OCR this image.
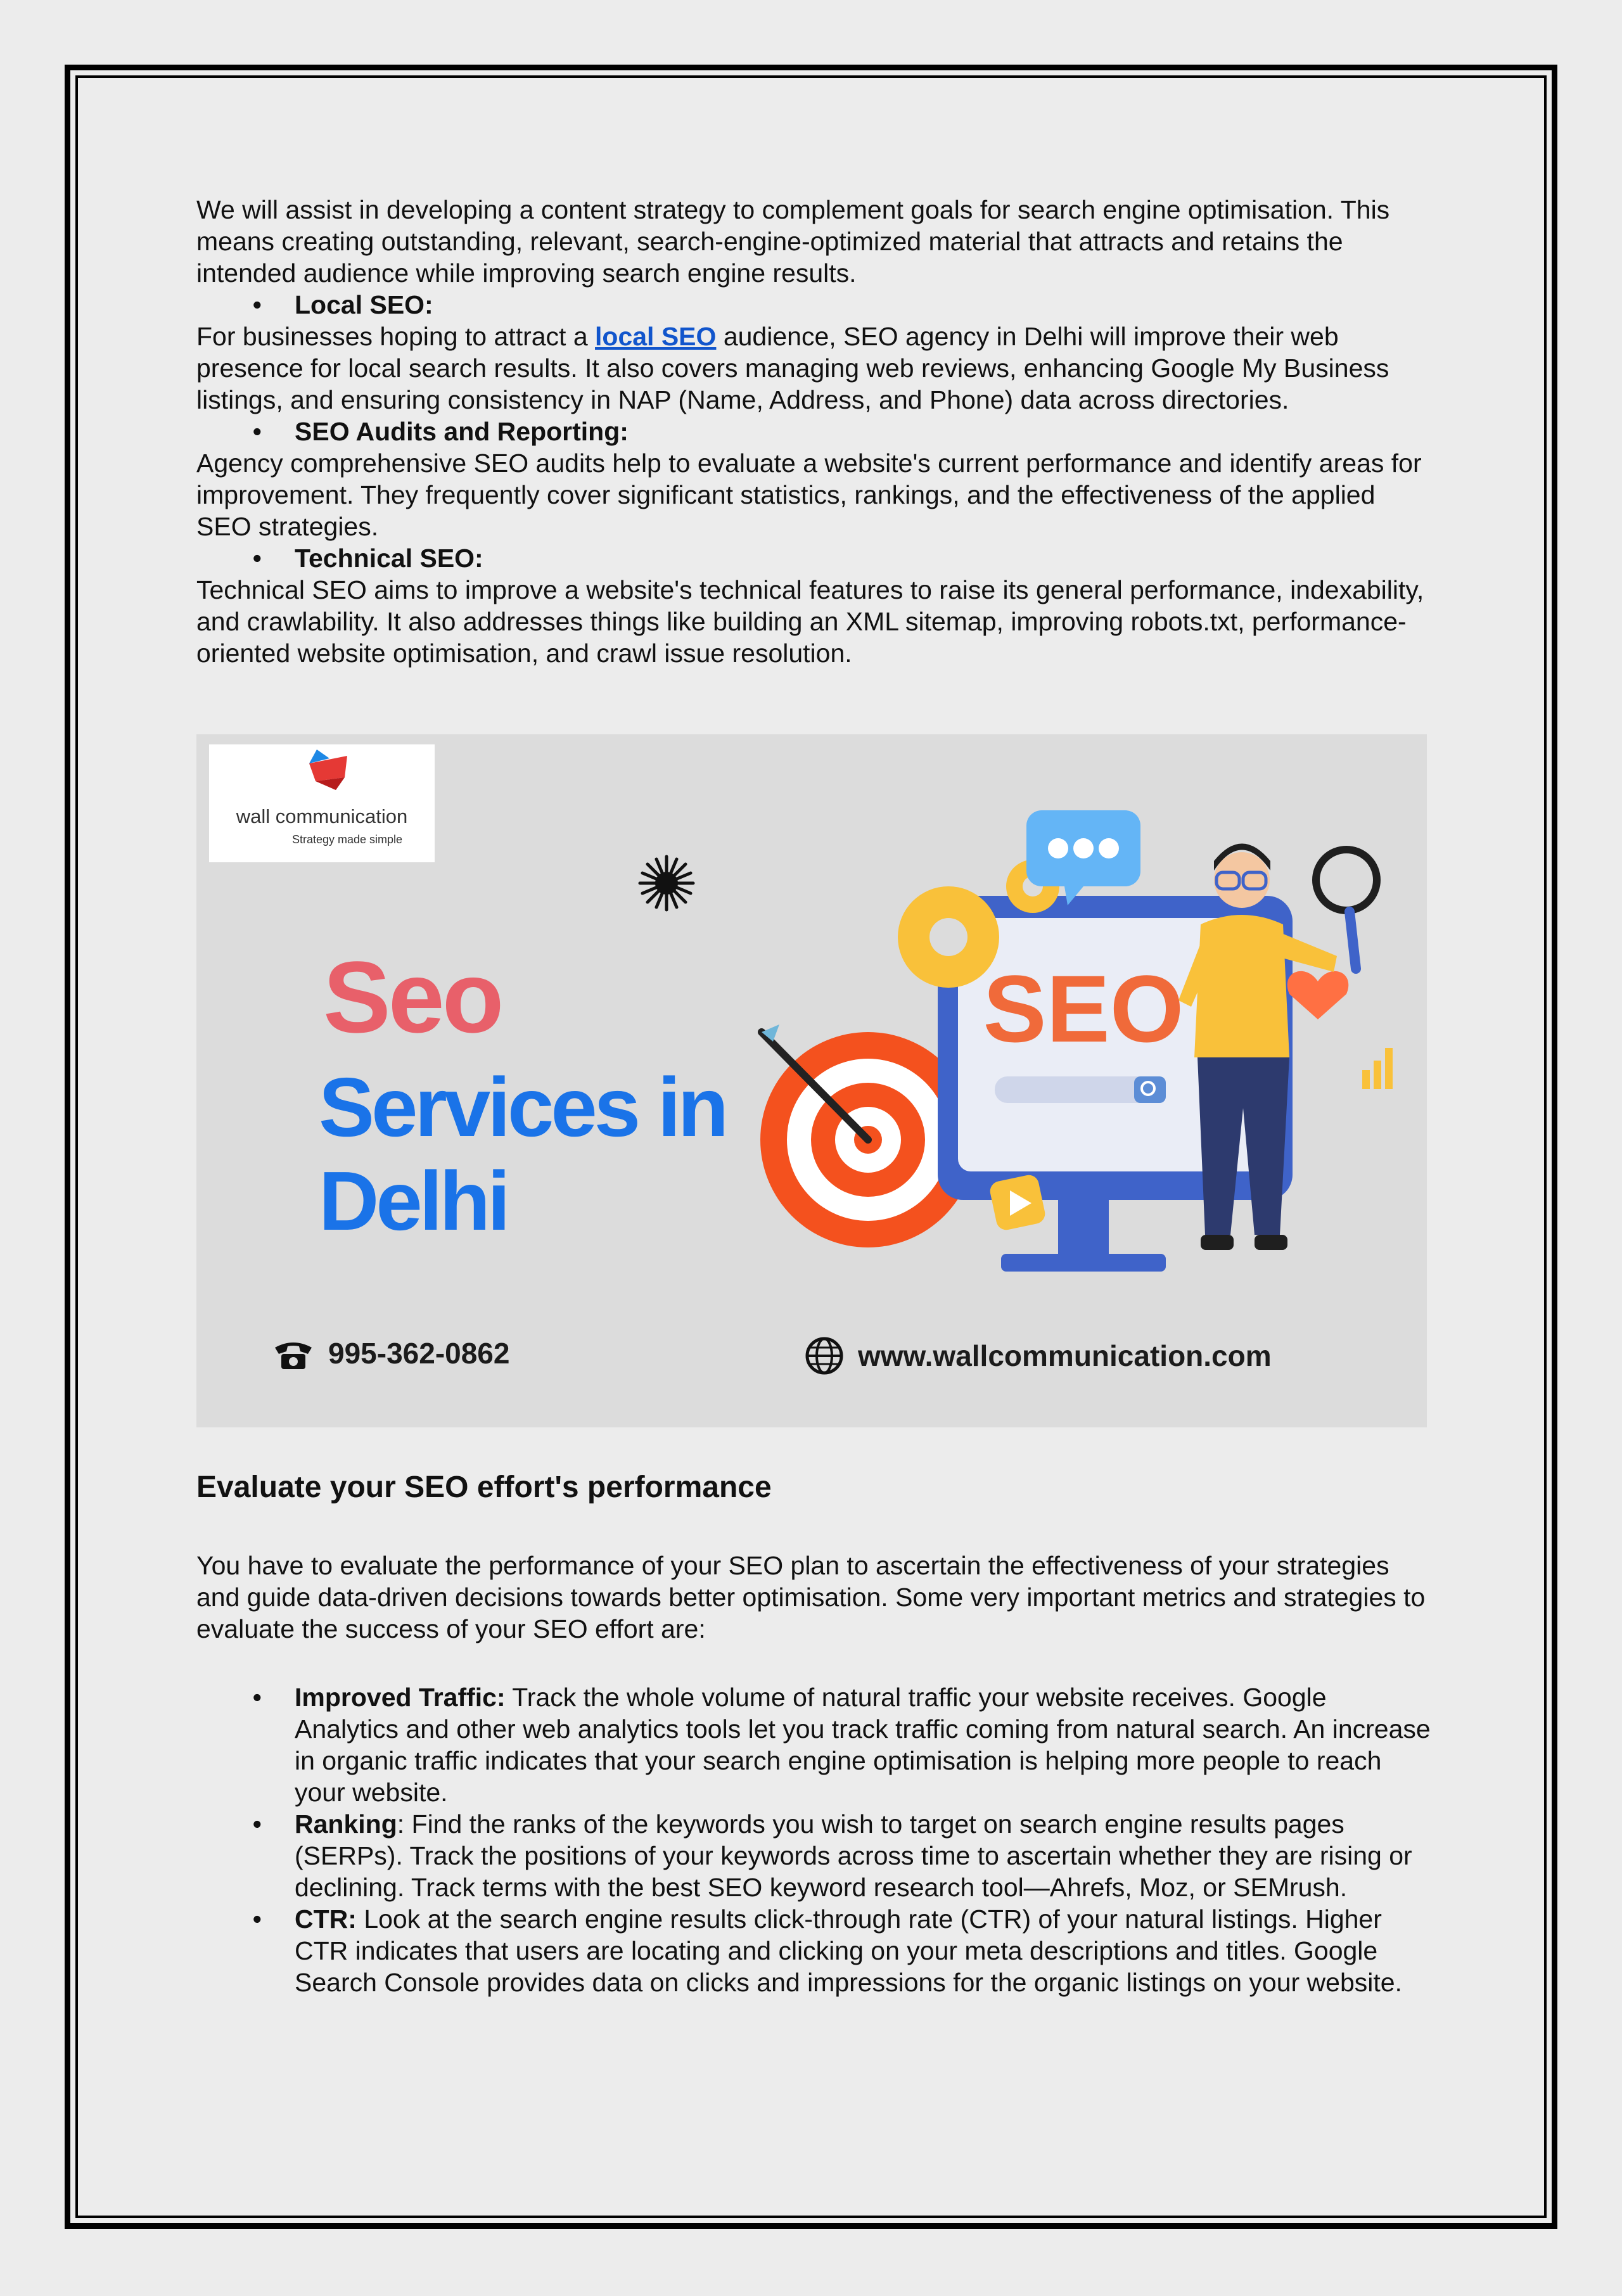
We will assist in developing a content strategy to complement goals for search engine optimisation. This means creating outstanding, relevant, search-engine-optimized material that attracts and retains the intended audience while improving search engine results.

•	Local SEO:

For businesses hoping to attract a local SEO audience, SEO agency in Delhi will improve their web presence for local search results. It also covers managing web reviews, enhancing Google My Business listings, and ensuring consistency in NAP (Name, Address, and Phone) data across directories.

•	SEO Audits and Reporting:

Agency comprehensive SEO audits help to evaluate a website's current performance and identify areas for improvement. They frequently cover significant statistics, rankings, and the effectiveness of the applied SEO strategies.

•	Technical SEO:

Technical SEO aims to improve a website's technical features to raise its general performance, indexability, and crawlability. It also addresses things like building an XML sitemap, improving robots.txt, performance-oriented website optimisation, and crawl issue resolution.

wall communication
Strategy made simple
Seo
Services in
Delhi
SEO
995-362-0862	www.wallcommunication.com
Evaluate your SEO effort's performance

You have to evaluate the performance of your SEO plan to ascertain the effectiveness of your strategies and guide data-driven decisions towards better optimisation. Some very important metrics and strategies to evaluate the success of your SEO effort are:

•	Improved Traffic: Track the whole volume of natural traffic your website receives. Google Analytics and other web analytics tools let you track traffic coming from natural search. An increase in organic traffic indicates that your search engine optimisation is helping more people to reach your website.
•	Ranking: Find the ranks of the keywords you wish to target on search engine results pages (SERPs). Track the positions of your keywords across time to ascertain whether they are rising or declining. Track terms with the best SEO keyword research tool—Ahrefs, Moz, or SEMrush.
•	CTR: Look at the search engine results click-through rate (CTR) of your natural listings. Higher CTR indicates that users are locating and clicking on your meta descriptions and titles. Google Search Console provides data on clicks and impressions for the organic listings on your website.
